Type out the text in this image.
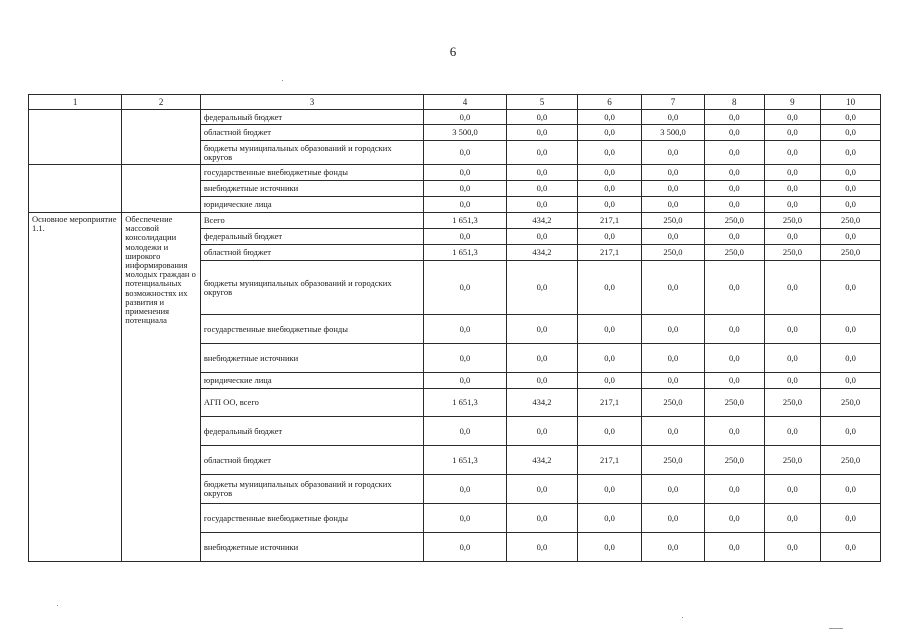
6
1	2	3	4	5	6	7	8	9	10
		федеральный бюджет	0,0	0,0	0,0	0,0	0,0	0,0	0,0
		областной бюджет	3 500,0	0,0	0,0	3 500,0	0,0	0,0	0,0
		бюджеты муниципальных образований и городских округов	0,0	0,0	0,0	0,0	0,0	0,0	0,0
		государственные внебюджетные фонды	0,0	0,0	0,0	0,0	0,0	0,0	0,0
		внебюджетные источники	0,0	0,0	0,0	0,0	0,0	0,0	0,0
		юридические лица	0,0	0,0	0,0	0,0	0,0	0,0	0,0
Основное мероприятие 1.1.	Обеспечение массовой консолидации молодежи и широкого информирования молодых граждан о потенциальных возможностях их развития и применения потенциала	Всего	1 651,3	434,2	217,1	250,0	250,0	250,0	250,0
		федеральный бюджет	0,0	0,0	0,0	0,0	0,0	0,0	0,0
		областной бюджет	1 651,3	434,2	217,1	250,0	250,0	250,0	250,0
		бюджеты муниципальных образований и городских округов	0,0	0,0	0,0	0,0	0,0	0,0	0,0
		государственные внебюджетные фонды	0,0	0,0	0,0	0,0	0,0	0,0	0,0
		внебюджетные источники	0,0	0,0	0,0	0,0	0,0	0,0	0,0
		юридические лица	0,0	0,0	0,0	0,0	0,0	0,0	0,0
		АГП ОО, всего	1 651,3	434,2	217,1	250,0	250,0	250,0	250,0
		федеральный бюджет	0,0	0,0	0,0	0,0	0,0	0,0	0,0
		областной бюджет	1 651,3	434,2	217,1	250,0	250,0	250,0	250,0
		бюджеты муниципальных образований и городских округов	0,0	0,0	0,0	0,0	0,0	0,0	0,0
		государственные внебюджетные фонды	0,0	0,0	0,0	0,0	0,0	0,0	0,0
		внебюджетные источники	0,0	0,0	0,0	0,0	0,0	0,0	0,0
